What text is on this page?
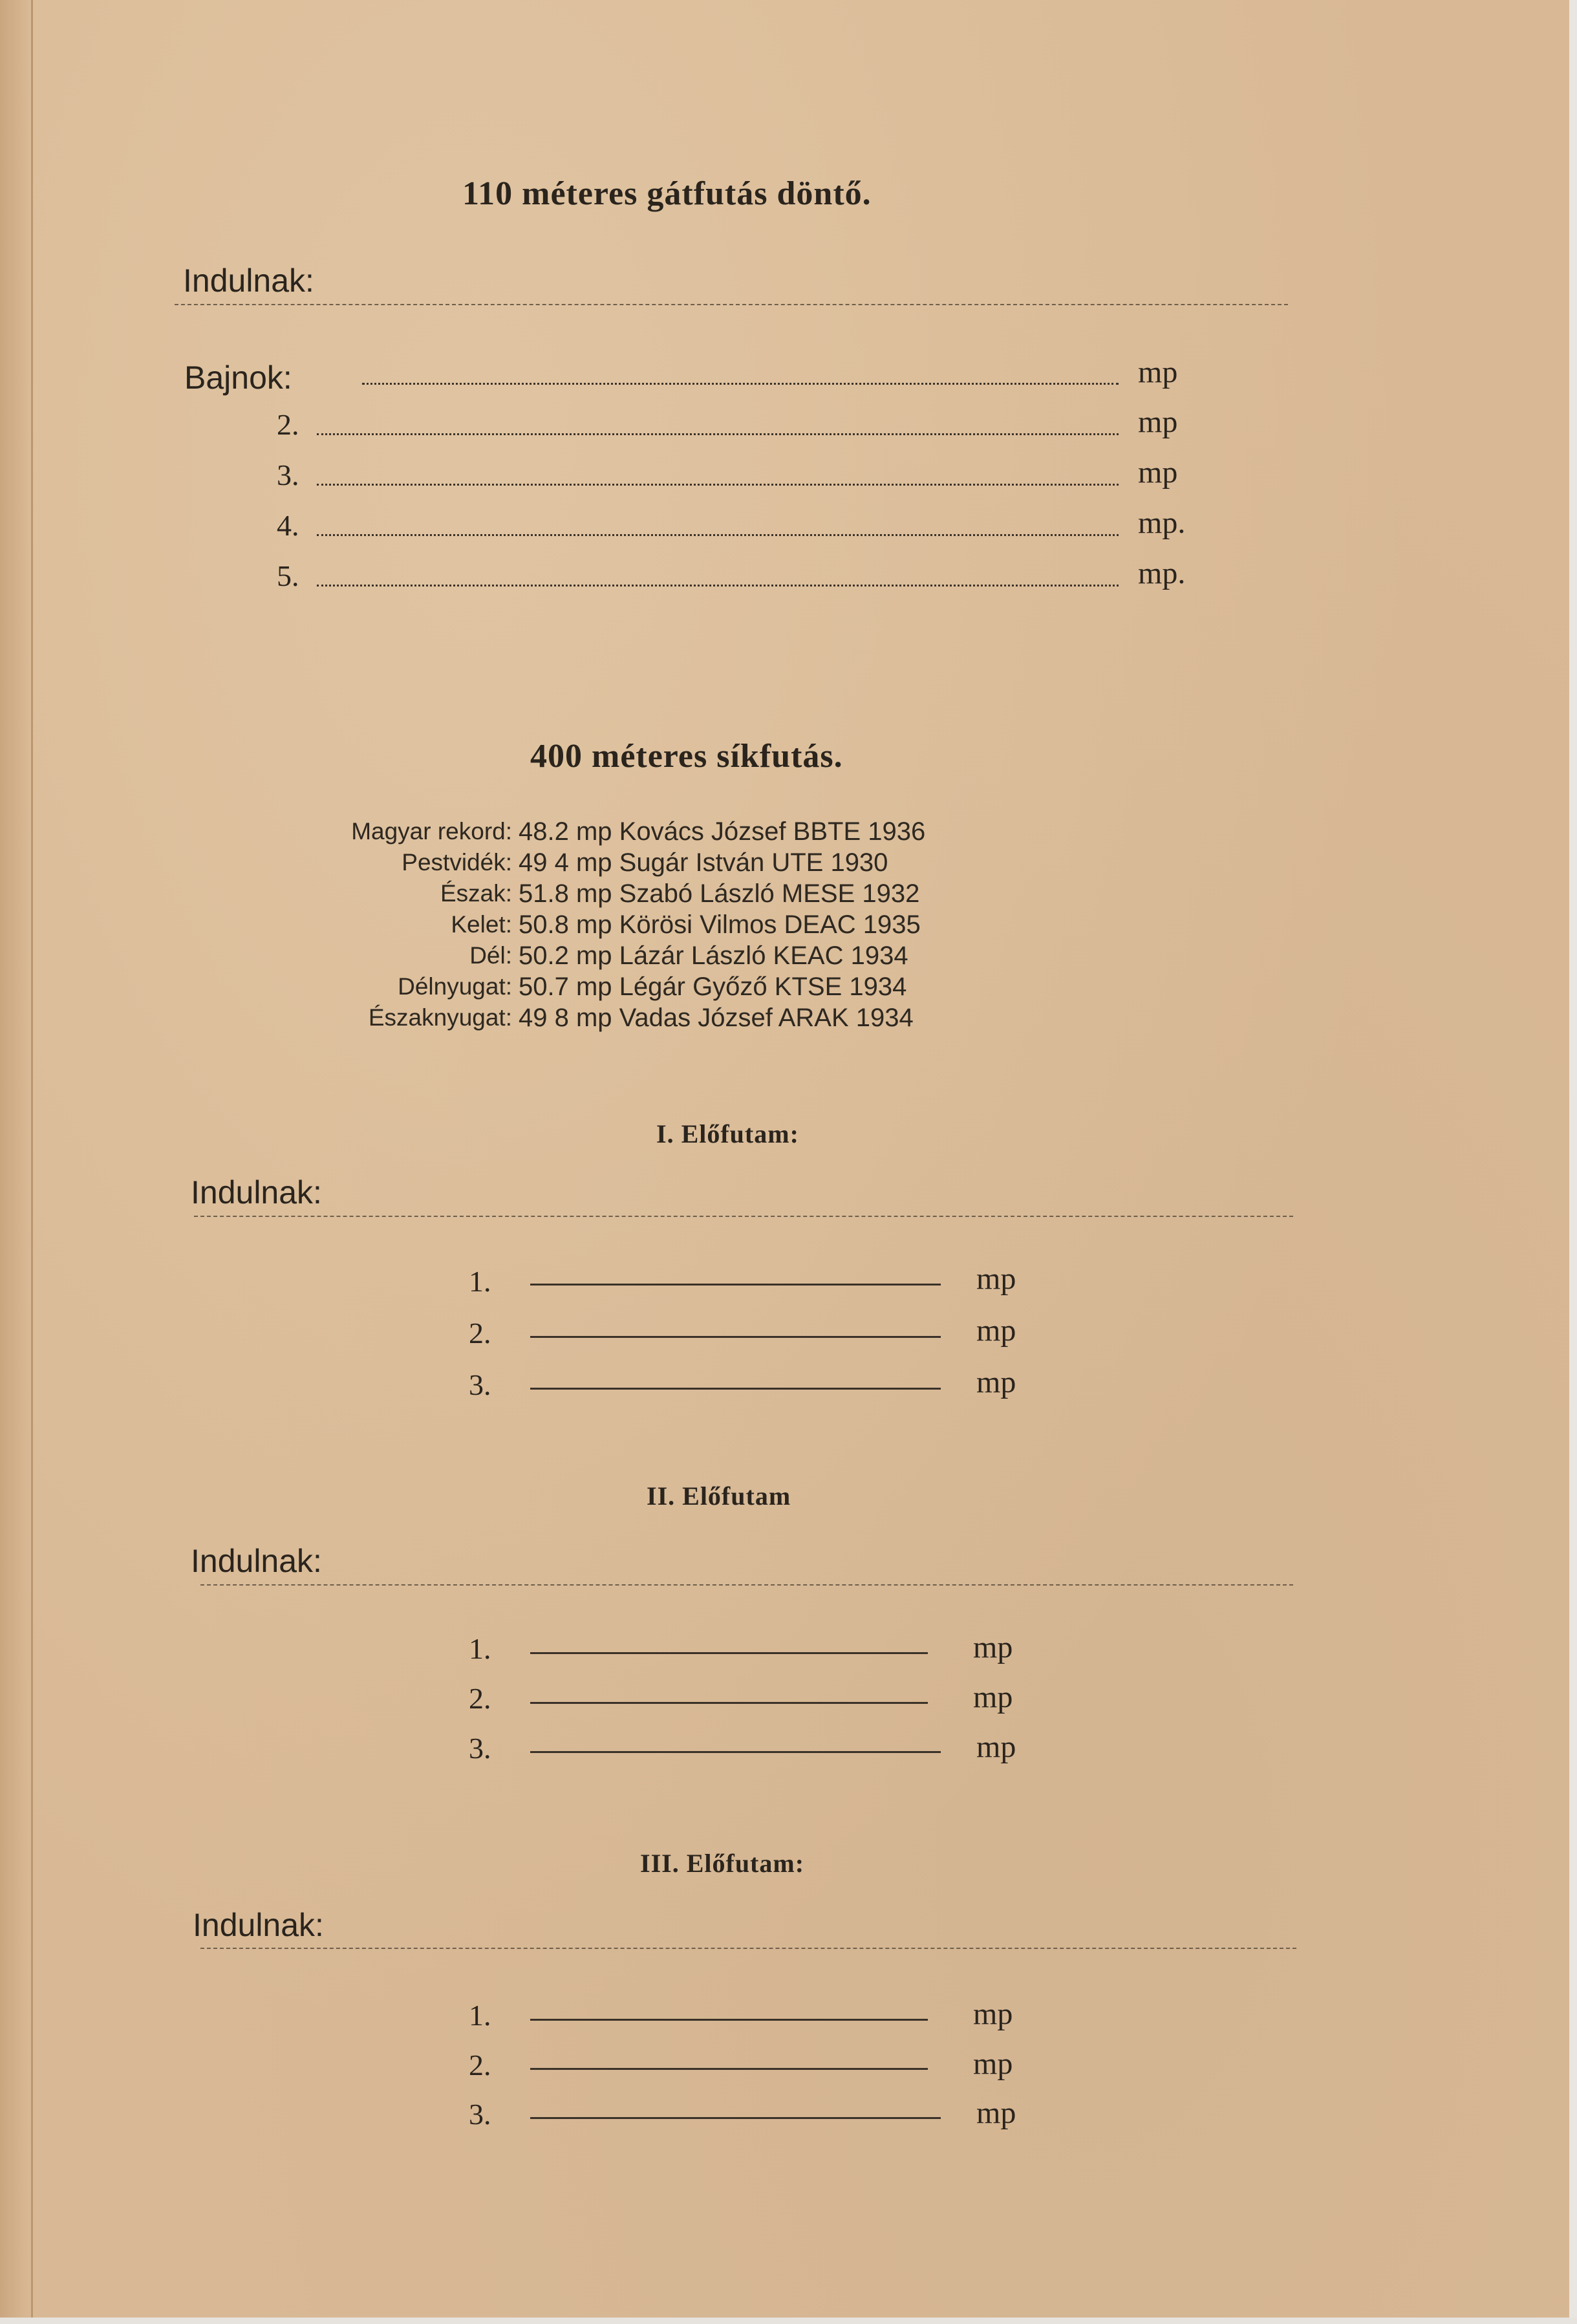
110 méteres gátfutás döntő.
Indulnak:
Bajnok:	mp
2.	mp
3.	mp
4.	mp.
5.	mp.
400 méteres síkfutás.
Magyar rekord: 48.2 mp Kovács József BBTE 1936
Pestvidék: 49 4 mp Sugár István UTE 1930
Észak: 51.8 mp Szabó László MESE 1932
Kelet: 50.8 mp Körösi Vilmos DEAC 1935
Dél: 50.2 mp Lázár László KEAC 1934
Délnyugat: 50.7 mp Légár Győző KTSE 1934
Északnyugat: 49 8 mp Vadas József ARAK 1934
I. Előfutam:
Indulnak:
1.	mp
2.	mp
3.	mp
II. Előfutam
Indulnak:
1.	mp
2.	mp
3.	mp
III. Előfutam:
Indulnak:
1.	mp
2.	mp
3.	mp
